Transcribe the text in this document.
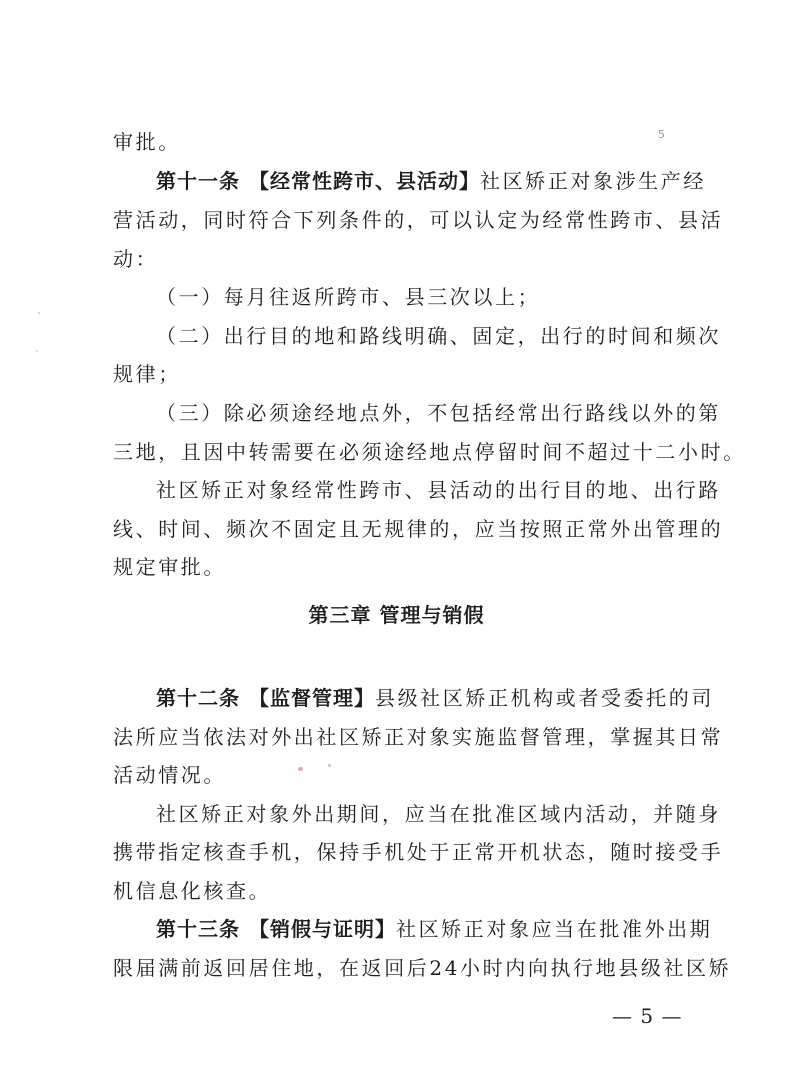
5
审批。
第十一条 【经常性跨市、县活动】社区矫正对象涉生产经
营活动，同时符合下列条件的，可以认定为经常性跨市、县活
动：
（一）每月往返所跨市、县三次以上；
（二）出行目的地和路线明确、固定，出行的时间和频次
规律；
（三）除必须途经地点外，不包括经常出行路线以外的第
三地，且因中转需要在必须途经地点停留时间不超过十二小时。
社区矫正对象经常性跨市、县活动的出行目的地、出行路
线、时间、频次不固定且无规律的，应当按照正常外出管理的
规定审批。
第三章 管理与销假
第十二条 【监督管理】县级社区矫正机构或者受委托的司
法所应当依法对外出社区矫正对象实施监督管理，掌握其日常
活动情况。
社区矫正对象外出期间，应当在批准区域内活动，并随身
携带指定核查手机，保持手机处于正常开机状态，随时接受手
机信息化核查。
第十三条 【销假与证明】社区矫正对象应当在批准外出期
限届满前返回居住地，在返回后24小时内向执行地县级社区矫
— 5 —
